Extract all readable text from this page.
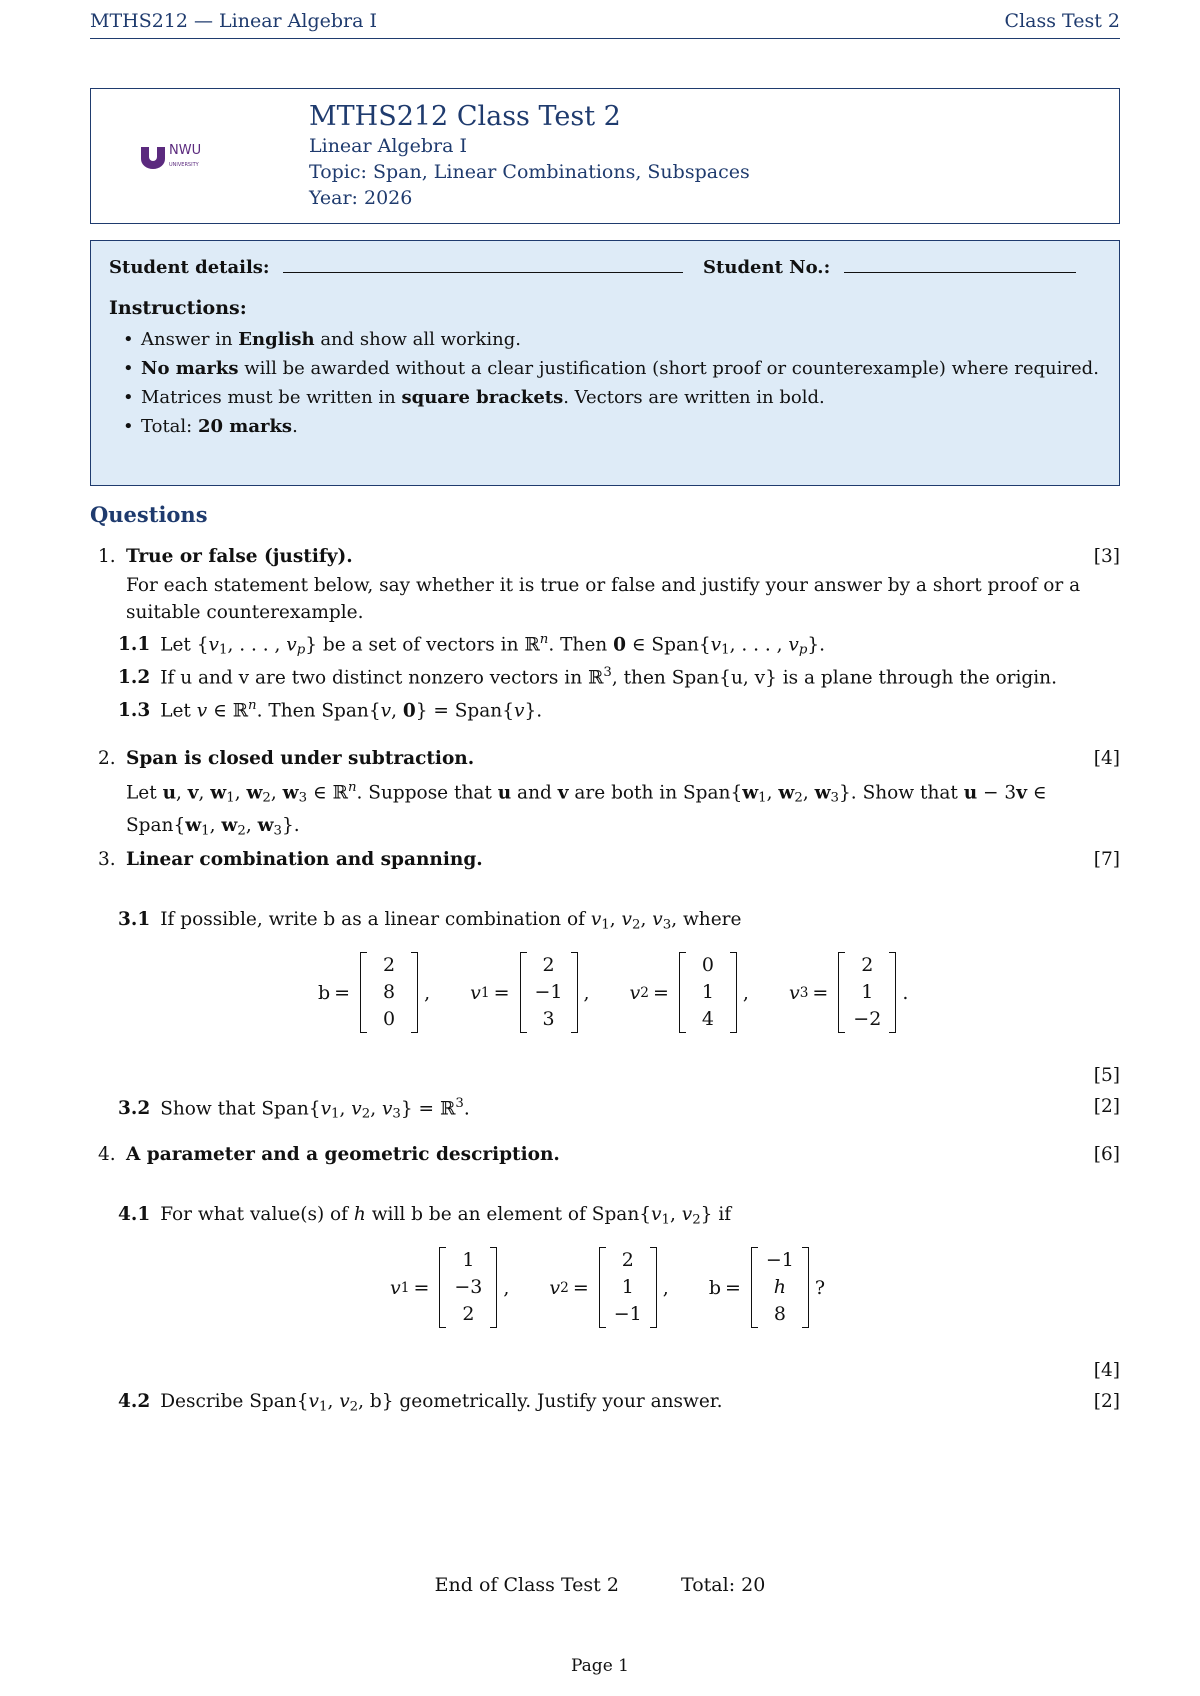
MTHS212 — Linear Algebra I	Class Test 2
NWU
UNIVERSITY
MTHS212 Class Test 2
Linear Algebra I
Topic: Span, Linear Combinations, Subspaces
Year: 2026
Student details:	Student No.:
Instructions:
• Answer in English and show all working.
• No marks will be awarded without a clear justification (short proof or counterexample) where required.
• Matrices must be written in square brackets. Vectors are written in bold.
• Total: 20 marks.
Questions
1. True or false (justify).	[3]
For each statement below, say whether it is true or false and justify your answer by a short proof or a suitable counterexample.
1.1 Let {$v_1$, . . . , $v_p$} be a set of vectors in ℝ$^n$. Then 0 ∈ $Span\{v_1$, . . . , $v_p$}.
1.2 If u and v are two distinct nonzero vectors in ℝ$^3$, then Span{u, v} is a plane through the origin.
1.3 Let v ∈ ℝ$^n$. Then Span{v, 0} = Span{v}.
2. Span is closed under subtraction.	[4]
Let u, v, $w_1$, $w_2$, $w_3$ ∈ ℝ$^n$. Suppose that u and v are both in $Span\{w_1$, $w_2$, $w_3$}. Show that u − 3v ∈ $Span\{w_1$, $w_2$, $w_3$}.
3. Linear combination and spanning.	[7]
3.1 If possible, write b as a linear combination of $v_1$, $v_2$, $v_3$, where
b =
2
8
0
, v 1 =
2
−1
3
, v 2 =
0
1
4
, v 3 =
2
1
−2
.
[5]
3.2 Show that $Span\{v_1$, $v_2$, $v_3$} = ℝ$^3$.	[2]
4. A parameter and a geometric description.	[6]
4.1 For what value(s) of h will b be an element of $Span\{v_1$, $v_2$} if
v 1 =
1
−3
2
, v 2 =
2
1
−1
, b =
−1
h
8
?
[4]
4.2 Describe $Span\{v_1$, $v_2$, b} geometrically. Justify your answer.	[2]
End of Class Test 2	Total: 20
Page 1
